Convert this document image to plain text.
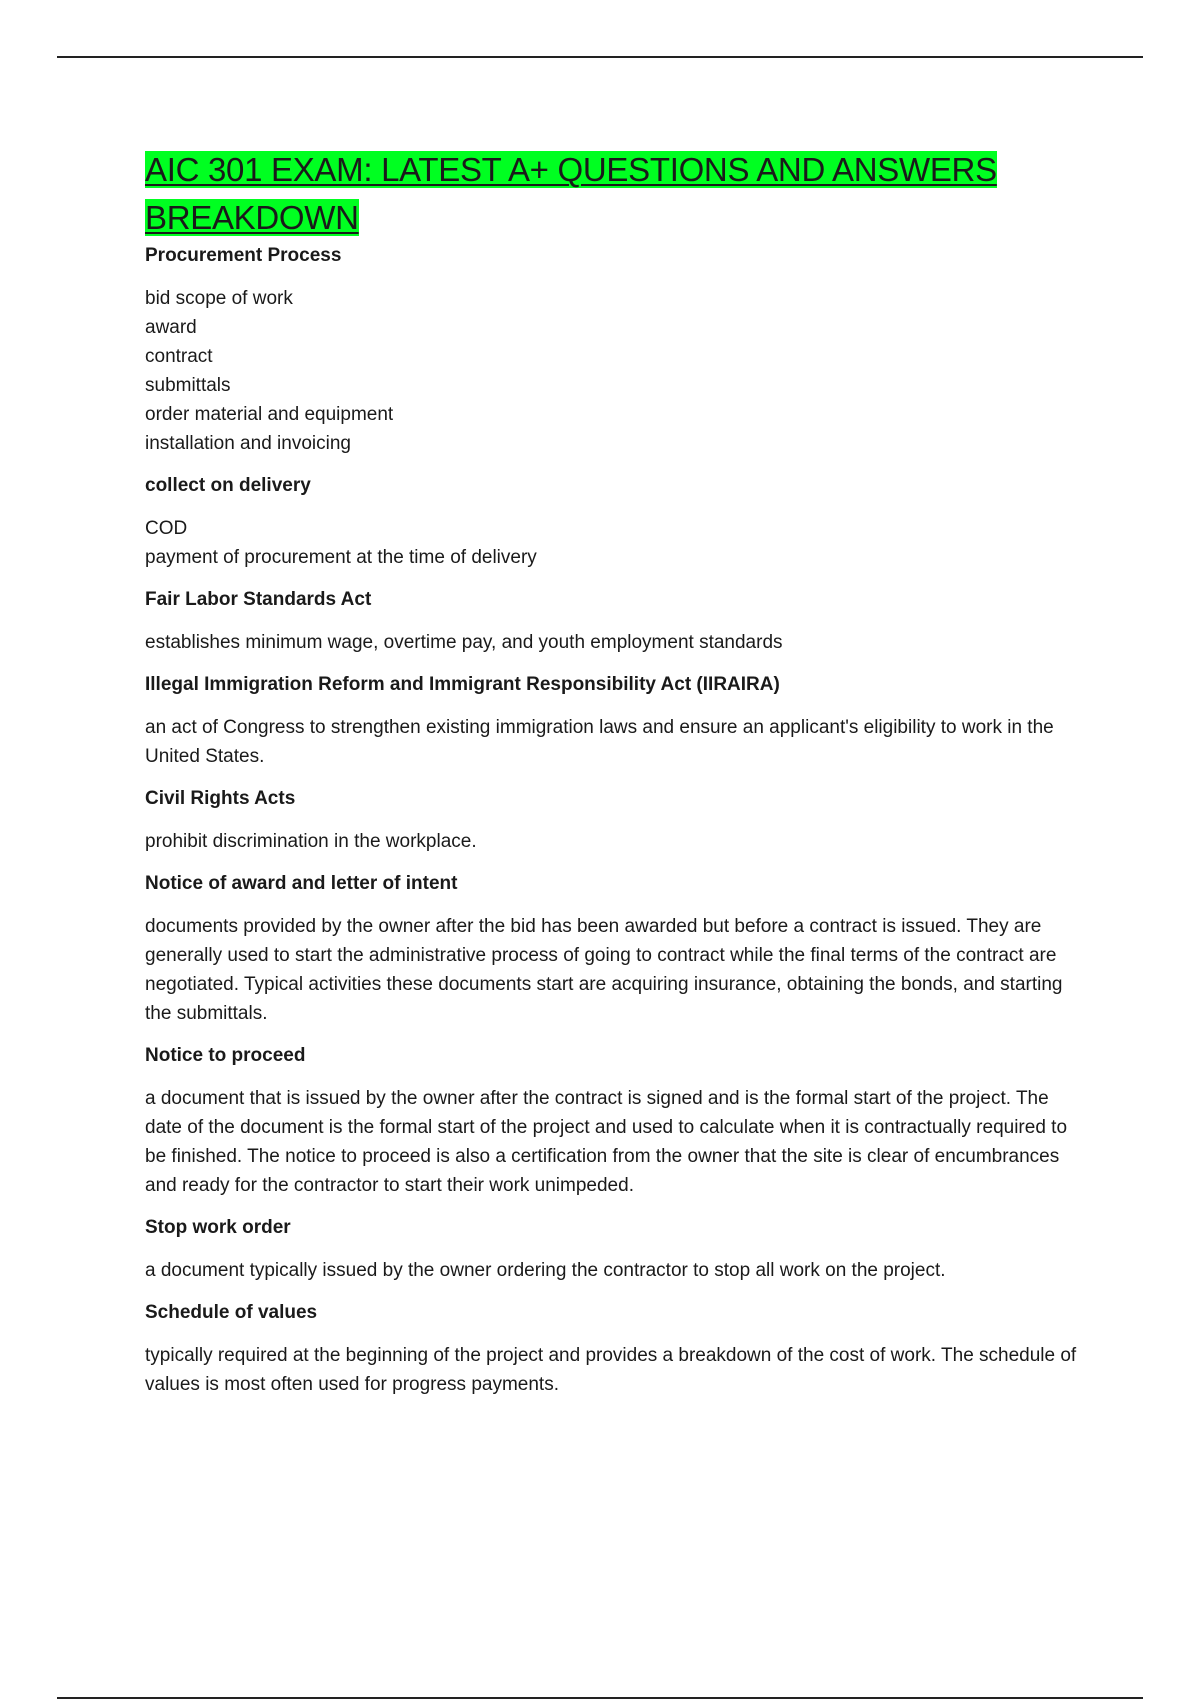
AIC 301 EXAM: LATEST A+ QUESTIONS AND ANSWERS
BREAKDOWN

Procurement Process

bid scope of work
award
contract
submittals
order material and equipment
installation and invoicing

collect on delivery

COD
payment of procurement at the time of delivery

Fair Labor Standards Act

establishes minimum wage, overtime pay, and youth employment standards

Illegal Immigration Reform and Immigrant Responsibility Act (IIRAIRA)

an act of Congress to strengthen existing immigration laws and ensure an applicant's eligibility to work in the United States.

Civil Rights Acts

prohibit discrimination in the workplace.

Notice of award and letter of intent

documents provided by the owner after the bid has been awarded but before a contract is issued. They are generally used to start the administrative process of going to contract while the final terms of the contract are negotiated. Typical activities these documents start are acquiring insurance, obtaining the bonds, and starting the submittals.

Notice to proceed

a document that is issued by the owner after the contract is signed and is the formal start of the project. The date of the document is the formal start of the project and used to calculate when it is contractually required to be finished. The notice to proceed is also a certification from the owner that the site is clear of encumbrances and ready for the contractor to start their work unimpeded.

Stop work order

a document typically issued by the owner ordering the contractor to stop all work on the project.

Schedule of values

typically required at the beginning of the project and provides a breakdown of the cost of work. The schedule of values is most often used for progress payments.
